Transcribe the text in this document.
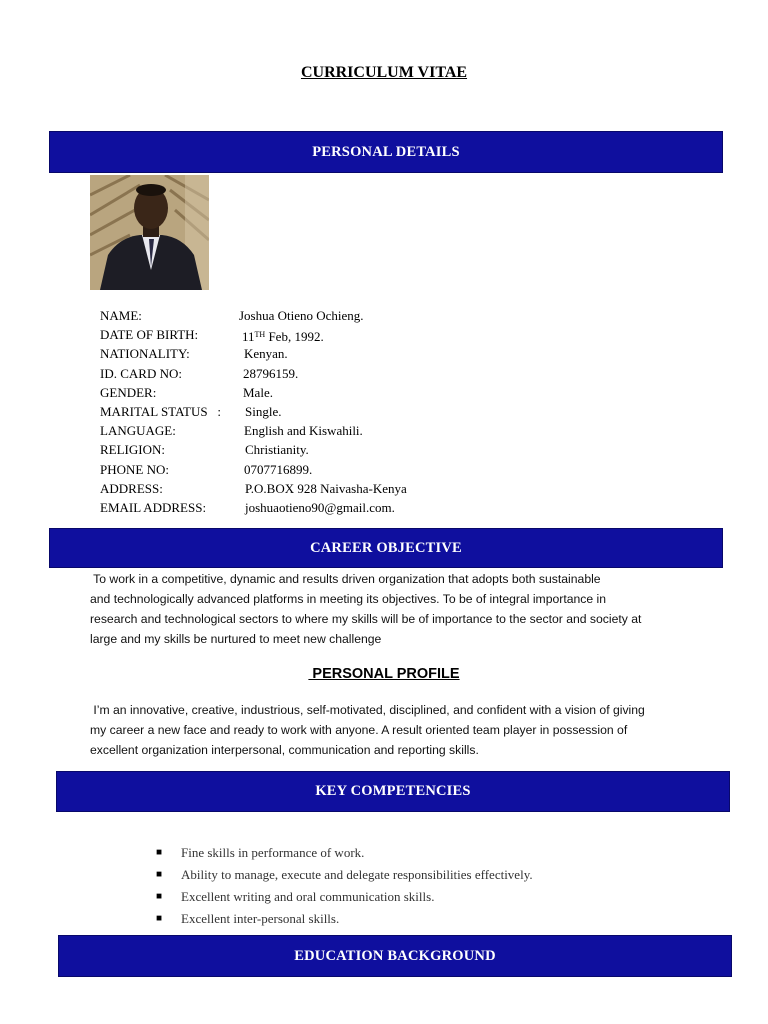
CURRICULUM VITAE
PERSONAL DETAILS
NAME:	Joshua Otieno Ochieng.
DATE OF BIRTH:	11TH Feb, 1992.
NATIONALITY:	Kenyan.
ID. CARD NO:	28796159.
GENDER:	Male.
MARITAL STATUS   : Single.
LANGUAGE:	English and Kiswahili.
RELIGION:	Christianity.
PHONE NO:	0707716899.
ADDRESS:	P.O.BOX 928 Naivasha-Kenya
EMAIL ADDRESS:	joshuaotieno90@gmail.com.
CAREER OBJECTIVE
To work in a competitive, dynamic and results driven organization that adopts both sustainable
and technologically advanced platforms in meeting its objectives. To be of integral importance in
research and technological sectors to where my skills will be of importance to the sector and society at
large and my skills be nurtured to meet new challenge
PERSONAL PROFILE
I’m an innovative, creative, industrious, self-motivated, disciplined, and confident with a vision of giving
my career a new face and ready to work with anyone. A result oriented team player in possession of
excellent organization interpersonal, communication and reporting skills.
KEY COMPETENCIES
■ Fine skills in performance of work.
■ Ability to manage, execute and delegate responsibilities effectively.
■ Excellent writing and oral communication skills.
■ Excellent inter-personal skills.
EDUCATION BACKGROUND
